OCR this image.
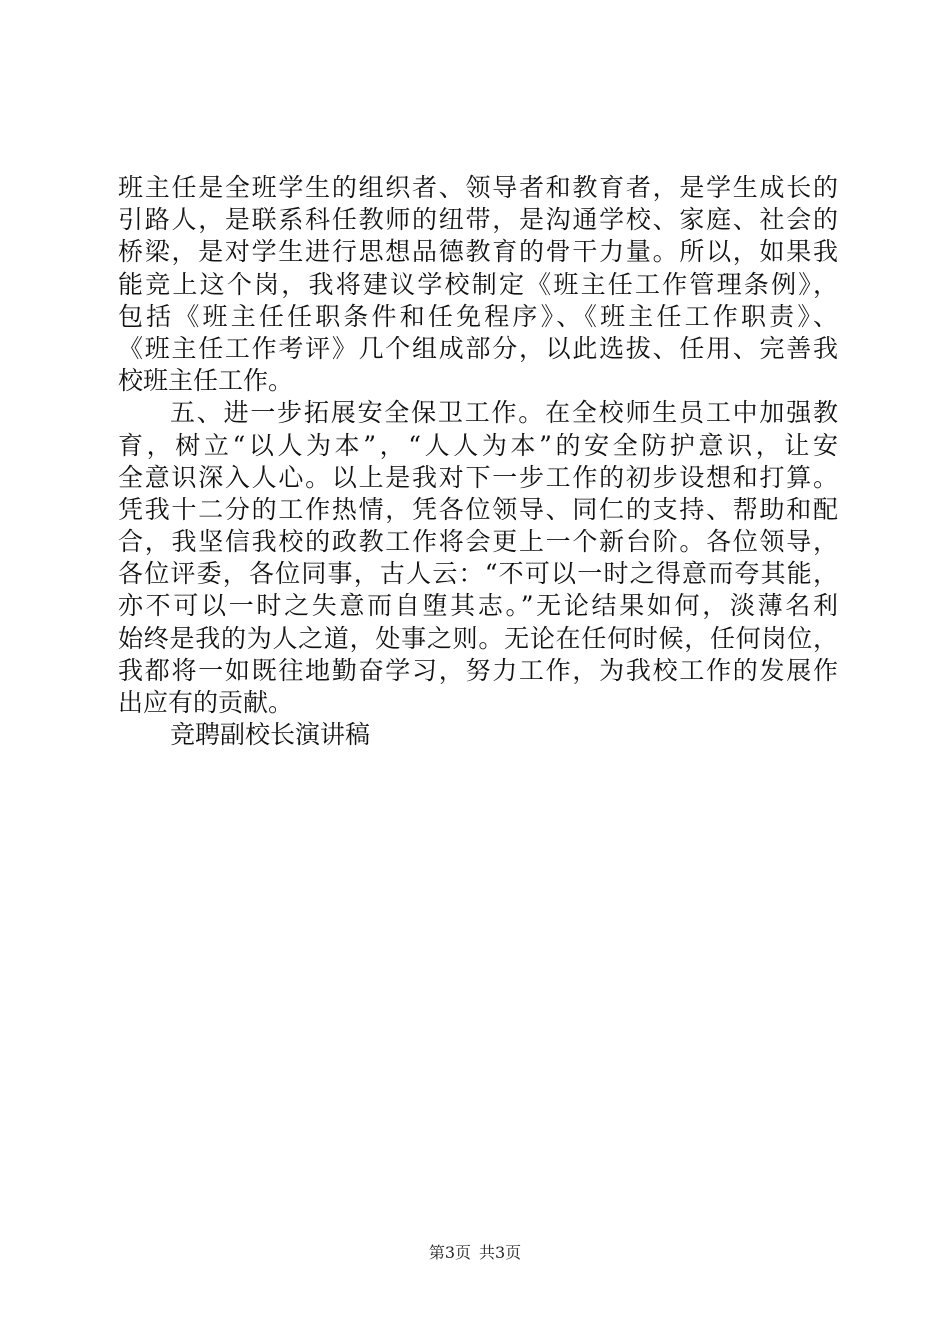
班主任是全班学生的组织者、领导者和教育者，是学生成长的
引路人，是联系科任教师的纽带，是沟通学校、家庭、社会的
桥梁，是对学生进行思想品德教育的骨干力量。所以，如果我
能竞上这个岗，我将建议学校制定《班主任工作管理条例》，
包括《班主任任职条件和任免程序》、《班主任工作职责》、
《班主任工作考评》几个组成部分，以此选拔、任用、完善我
校班主任工作。
五、进一步拓展安全保卫工作。在全校师生员工中加强教
育，树立“以人为本”，“人人为本”的安全防护意识，让安
全意识深入人心。以上是我对下一步工作的初步设想和打算。
凭我十二分的工作热情，凭各位领导、同仁的支持、帮助和配
合，我坚信我校的政教工作将会更上一个新台阶。各位领导，
各位评委，各位同事，古人云：“不可以一时之得意而夸其能，
亦不可以一时之失意而自堕其志。”无论结果如何，淡薄名利
始终是我的为人之道，处事之则。无论在任何时候，任何岗位，
我都将一如既往地勤奋学习，努力工作，为我校工作的发展作
出应有的贡献。
竞聘副校长演讲稿
第3页 共3页
